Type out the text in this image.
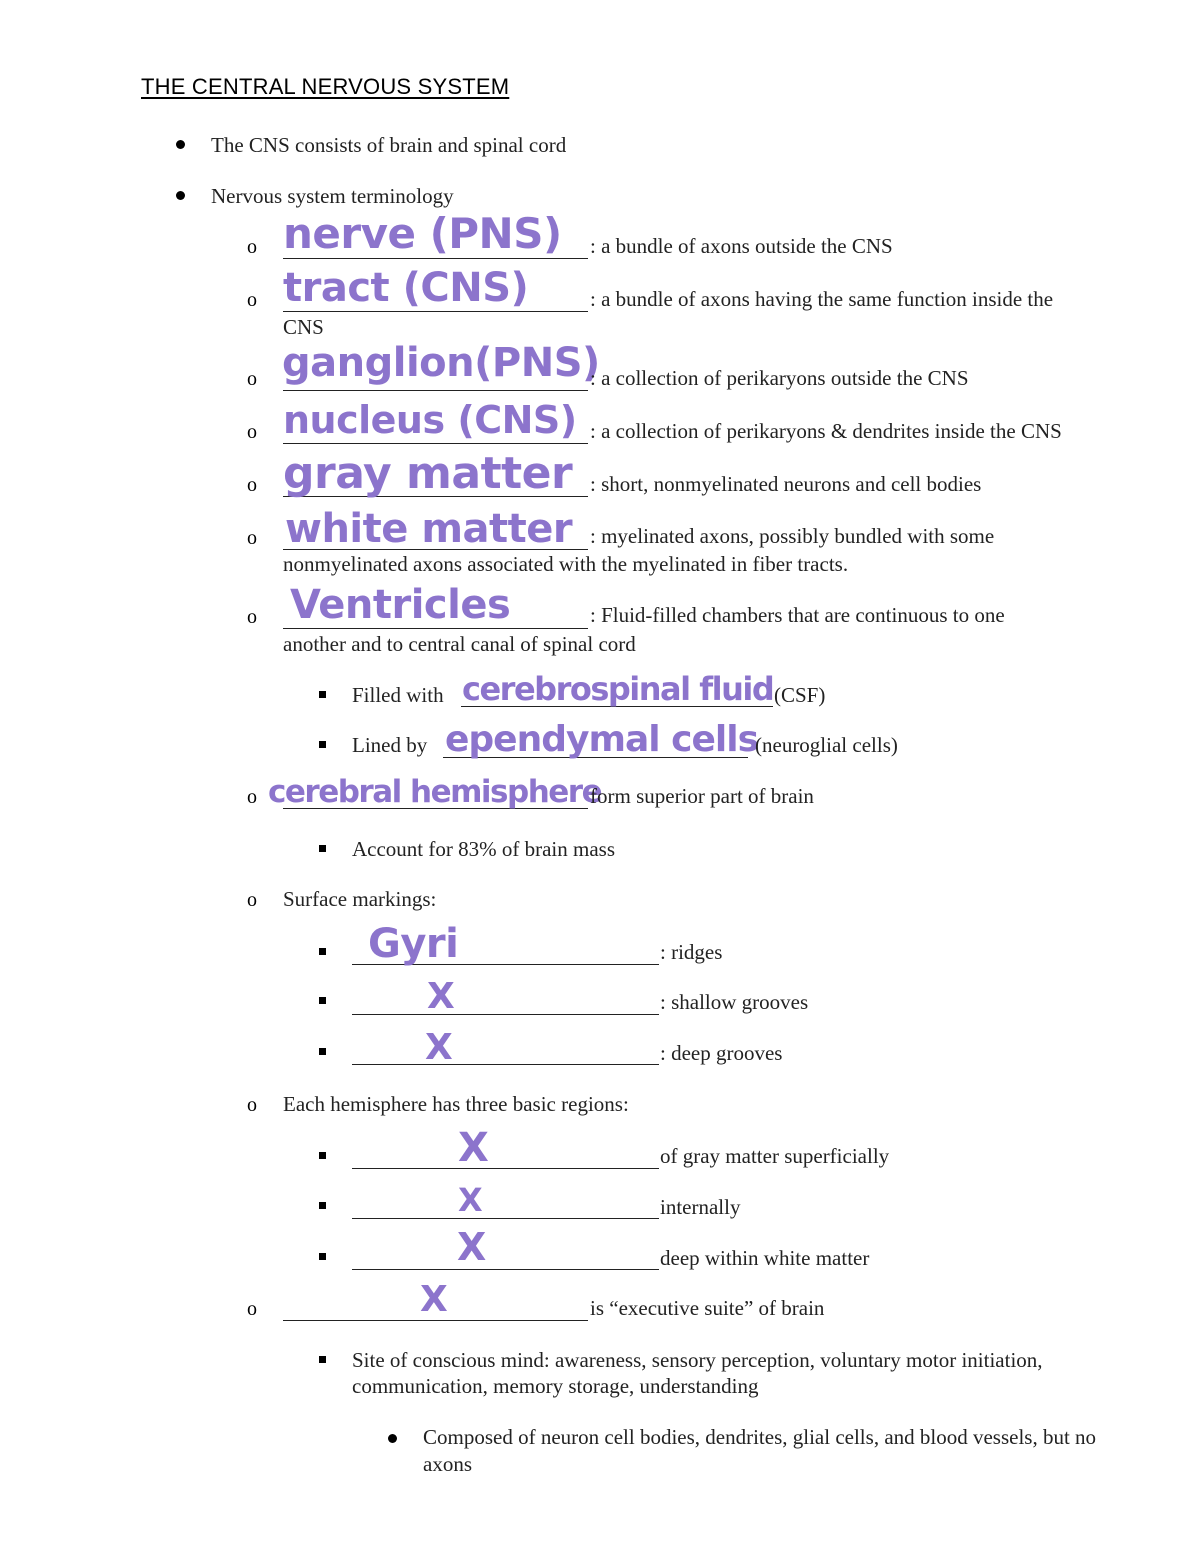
THE CENTRAL NERVOUS SYSTEM
The CNS consists of brain and spinal cord
Nervous system terminology
o nerve (PNS) : a bundle of axons outside the CNS
o tract (CNS)	: a bundle of axons having the same function inside the
CNS
o ganglion(PNS)
: a collection of perikaryons outside the CNS
o nucleus (CNS) : a collection of perikaryons & dendrites inside the CNS
o gray matter : short, nonmyelinated neurons and cell bodies
o white matter : myelinated axons, possibly bundled with some
nonmyelinated axons associated with the myelinated in fiber tracts.
o Ventricles	: Fluid-filled chambers that are continuous to one
another and to central canal of spinal cord
Filled with cerebrospinal fluid (CSF)
Lined by ependymal cells
(neuroglial cells)
o cerebral hemisphere
form superior part of brain
Account for 83% of brain mass
o Surface markings:
Gyri	: ridges
X	: shallow grooves
X	: deep grooves
o Each hemisphere has three basic regions:
X	of gray matter superficially
X	internally
X	deep within white matter
o	X	is “executive suite” of brain
Site of conscious mind: awareness, sensory perception, voluntary motor initiation, communication, memory storage, understanding
Composed of neuron cell bodies, dendrites, glial cells, and blood vessels, but no axons
